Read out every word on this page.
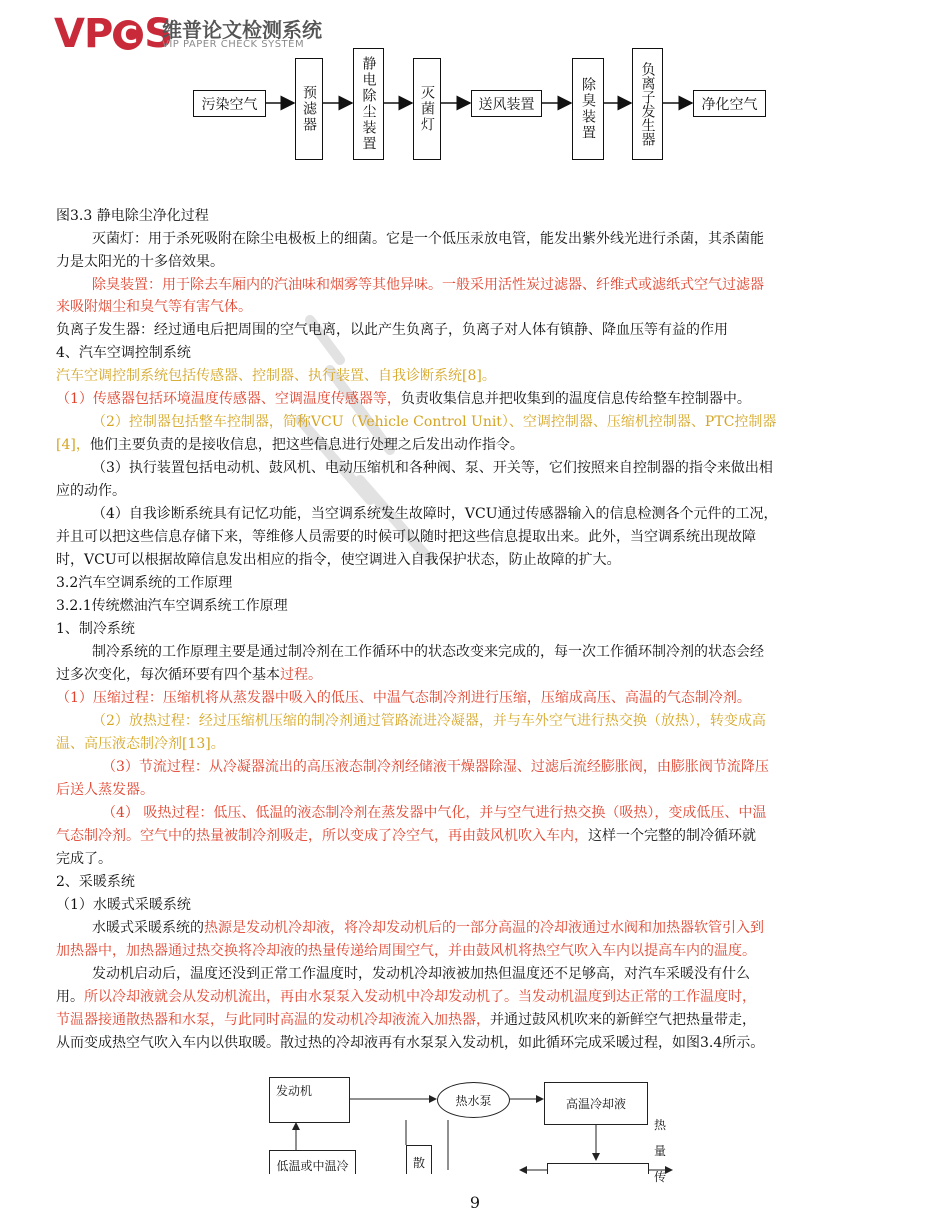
VP C S
维普论文检测系统
VIP PAPER CHECK SYSTEM
污染空气	预滤器	静电除尘装置	灭菌灯	送风装置	除臭装置	负离子发生器	净化空气
图3.3 静电除尘净化过程
灭菌灯：用于杀死吸附在除尘电极板上的细菌。它是一个低压汞放电管，能发出紫外线光进行杀菌，其杀菌能
力是太阳光的十多倍效果。
除臭装置：用于除去车厢内的汽油味和烟雾等其他异味。一般采用活性炭过滤器、纤维式或滤纸式空气过滤器
来吸附烟尘和臭气等有害气体。
负离子发生器：经过通电后把周围的空气电离，以此产生负离子，负离子对人体有镇静、降血压等有益的作用
4、汽车空调控制系统
汽车空调控制系统包括传感器、控制器、执行装置、自我诊断系统[8]。
（1）传感器包括环境温度传感器、空调温度传感器等，负责收集信息并把收集到的温度信息传给整车控制器中。
（2）控制器包括整车控制器，简称VCU（Vehicle Control Unit）、空调控制器、压缩机控制器、PTC控制器
[4]，他们主要负责的是接收信息，把这些信息进行处理之后发出动作指令。
（3）执行装置包括电动机、鼓风机、电动压缩机和各种阀、泵、开关等，它们按照来自控制器的指令来做出相
应的动作。
（4）自我诊断系统具有记忆功能，当空调系统发生故障时，VCU通过传感器输入的信息检测各个元件的工况，
并且可以把这些信息存储下来，等维修人员需要的时候可以随时把这些信息提取出来。此外，当空调系统出现故障
时，VCU可以根据故障信息发出相应的指令，使空调进入自我保护状态，防止故障的扩大。
3.2汽车空调系统的工作原理
3.2.1传统燃油汽车空调系统工作原理
1、制冷系统
制冷系统的工作原理主要是通过制冷剂在工作循环中的状态改变来完成的，每一次工作循环制冷剂的状态会经
过多次变化，每次循环要有四个基本过程。
（1）压缩过程：压缩机将从蒸发器中吸入的低压、中温气态制冷剂进行压缩，压缩成高压、高温的气态制冷剂。
（2）放热过程：经过压缩机压缩的制冷剂通过管路流进冷凝器，并与车外空气进行热交换（放热），转变成高
温、高压液态制冷剂[13]。
（3）节流过程：从冷凝器流出的高压液态制冷剂经储液干燥器除湿、过滤后流经膨胀阀，由膨胀阀节流降压
后送人蒸发器。
（4） 吸热过程：低压、低温的液态制冷剂在蒸发器中气化，并与空气进行热交换（吸热），变成低压、中温
气态制冷剂。空气中的热量被制冷剂吸走，所以变成了冷空气，再由鼓风机吹入车内，这样一个完整的制冷循环就
完成了。
2、采暖系统
（1）水暖式采暖系统
水暖式采暖系统的热源是发动机冷却液，将冷却发动机后的一部分高温的冷却液通过水阀和加热器软管引入到
加热器中，加热器通过热交换将冷却液的热量传递给周围空气，并由鼓风机将热空气吹入车内以提高车内的温度。
发动机启动后，温度还没到正常工作温度时，发动机冷却液被加热但温度还不足够高，对汽车采暖没有什么
用。所以冷却液就会从发动机流出，再由水泵泵入发动机中冷却发动机了。当发动机温度到达正常的工作温度时，
节温器接通散热器和水泵，与此同时高温的发动机冷却液流入加热器，并通过鼓风机吹来的新鲜空气把热量带走，
从而变成热空气吹入车内以供取暖。散过热的冷却液再有水泵泵入发动机，如此循环完成采暖过程，如图3.4所示。
发动机
热水泵	高温冷却液
低温或中温冷	散
热
量
传
9
